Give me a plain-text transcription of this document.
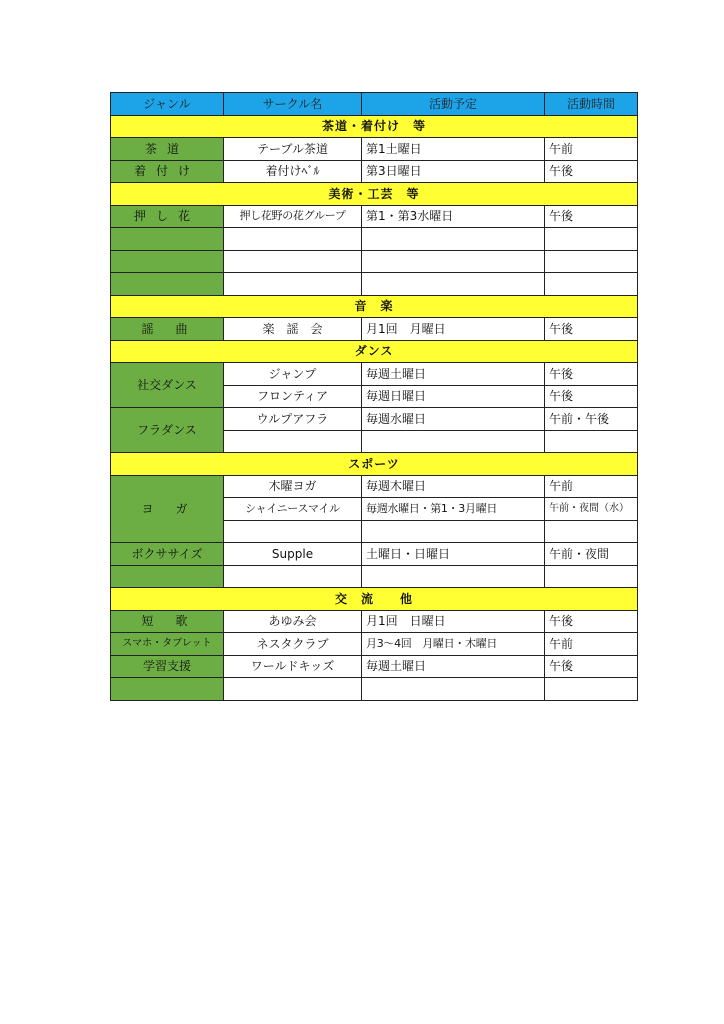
ジャンル	サークル名	活動予定	活動時間
茶道・着付け　等			
茶道	テーブル茶道	第1土曜日	午前
着付け	着付けﾍﾞﾙ	第3日曜日	午後
美術・工芸　等			
押し花	押し花野の花グループ	第1・第3水曜日	午後

音　楽			
謡　曲	楽　謡　会	月1回　月曜日	午後
ダンス			
社交ダンス	ジャンプ	毎週土曜日	午後
	フロンティア	毎週日曜日	午後
フラダンス	ウルプアフラ	毎週水曜日	午前・午後

スポーツ			
ヨ　ガ	木曜ヨガ	毎週木曜日	午前
	シャイニースマイル	毎週水曜日・第1・3月曜日	午前・夜間（水）

ボクササイズ	Supple	土曜日・日曜日	午前・夜間

交　流　　他			
短　歌	あゆみ会	月1回　日曜日	午後
スマホ・タブレット	ネスタクラブ	月3～4回　月曜日・木曜日	午前
学習支援	ワールドキッズ	毎週土曜日	午後
